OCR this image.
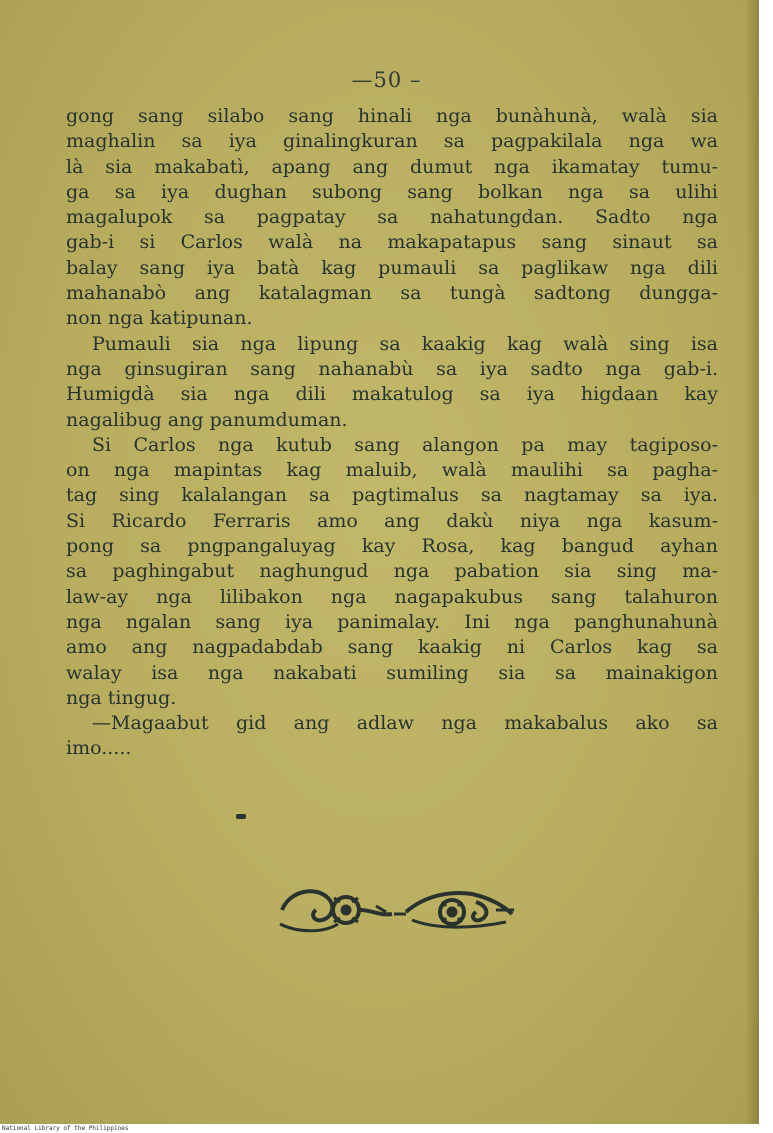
—50 –
gong sang silabo sang hinali nga bunàhunà, walà sia
maghalin sa iya ginalingkuran sa pagpakilala nga wa
là sia makabatì, apang ang dumut nga ikamatay tumu-
ga sa iya dughan subong sang bolkan nga sa ulihi
magalupok sa pagpatay sa nahatungdan. Sadto nga
gab-i si Carlos walà na makapatapus sang sinaut sa
balay sang iya batà kag pumauli sa paglikaw nga dili
mahanabò ang katalagman sa tungà sadtong dungga-
non nga katipunan.
Pumauli sia nga lipung sa kaakig kag walà sing isa
nga ginsugiran sang nahanabù sa iya sadto nga gab-i.
Humigdà sia nga dili makatulog sa iya higdaan kay
nagalibug ang panumduman.
Si Carlos nga kutub sang alangon pa may tagiposo-
on nga mapintas kag maluib, walà maulihi sa pagha-
tag sing kalalangan sa pagtimalus sa nagtamay sa iya.
Si Ricardo Ferraris amo ang dakù niya nga kasum-
pong sa pngpangaluyag kay Rosa, kag bangud ayhan
sa paghingabut naghungud nga pabation sia sing ma-
law-ay nga lilibakon nga nagapakubus sang talahuron
nga ngalan sang iya panimalay. Ini nga panghunahunà
amo ang nagpadabdab sang kaakig ni Carlos kag sa
walay isa nga nakabati sumiling sia sa mainakigon
nga tingug.
—Magaabut gid ang adlaw nga makabalus ako sa
imo.....
National Library of the Philippines
